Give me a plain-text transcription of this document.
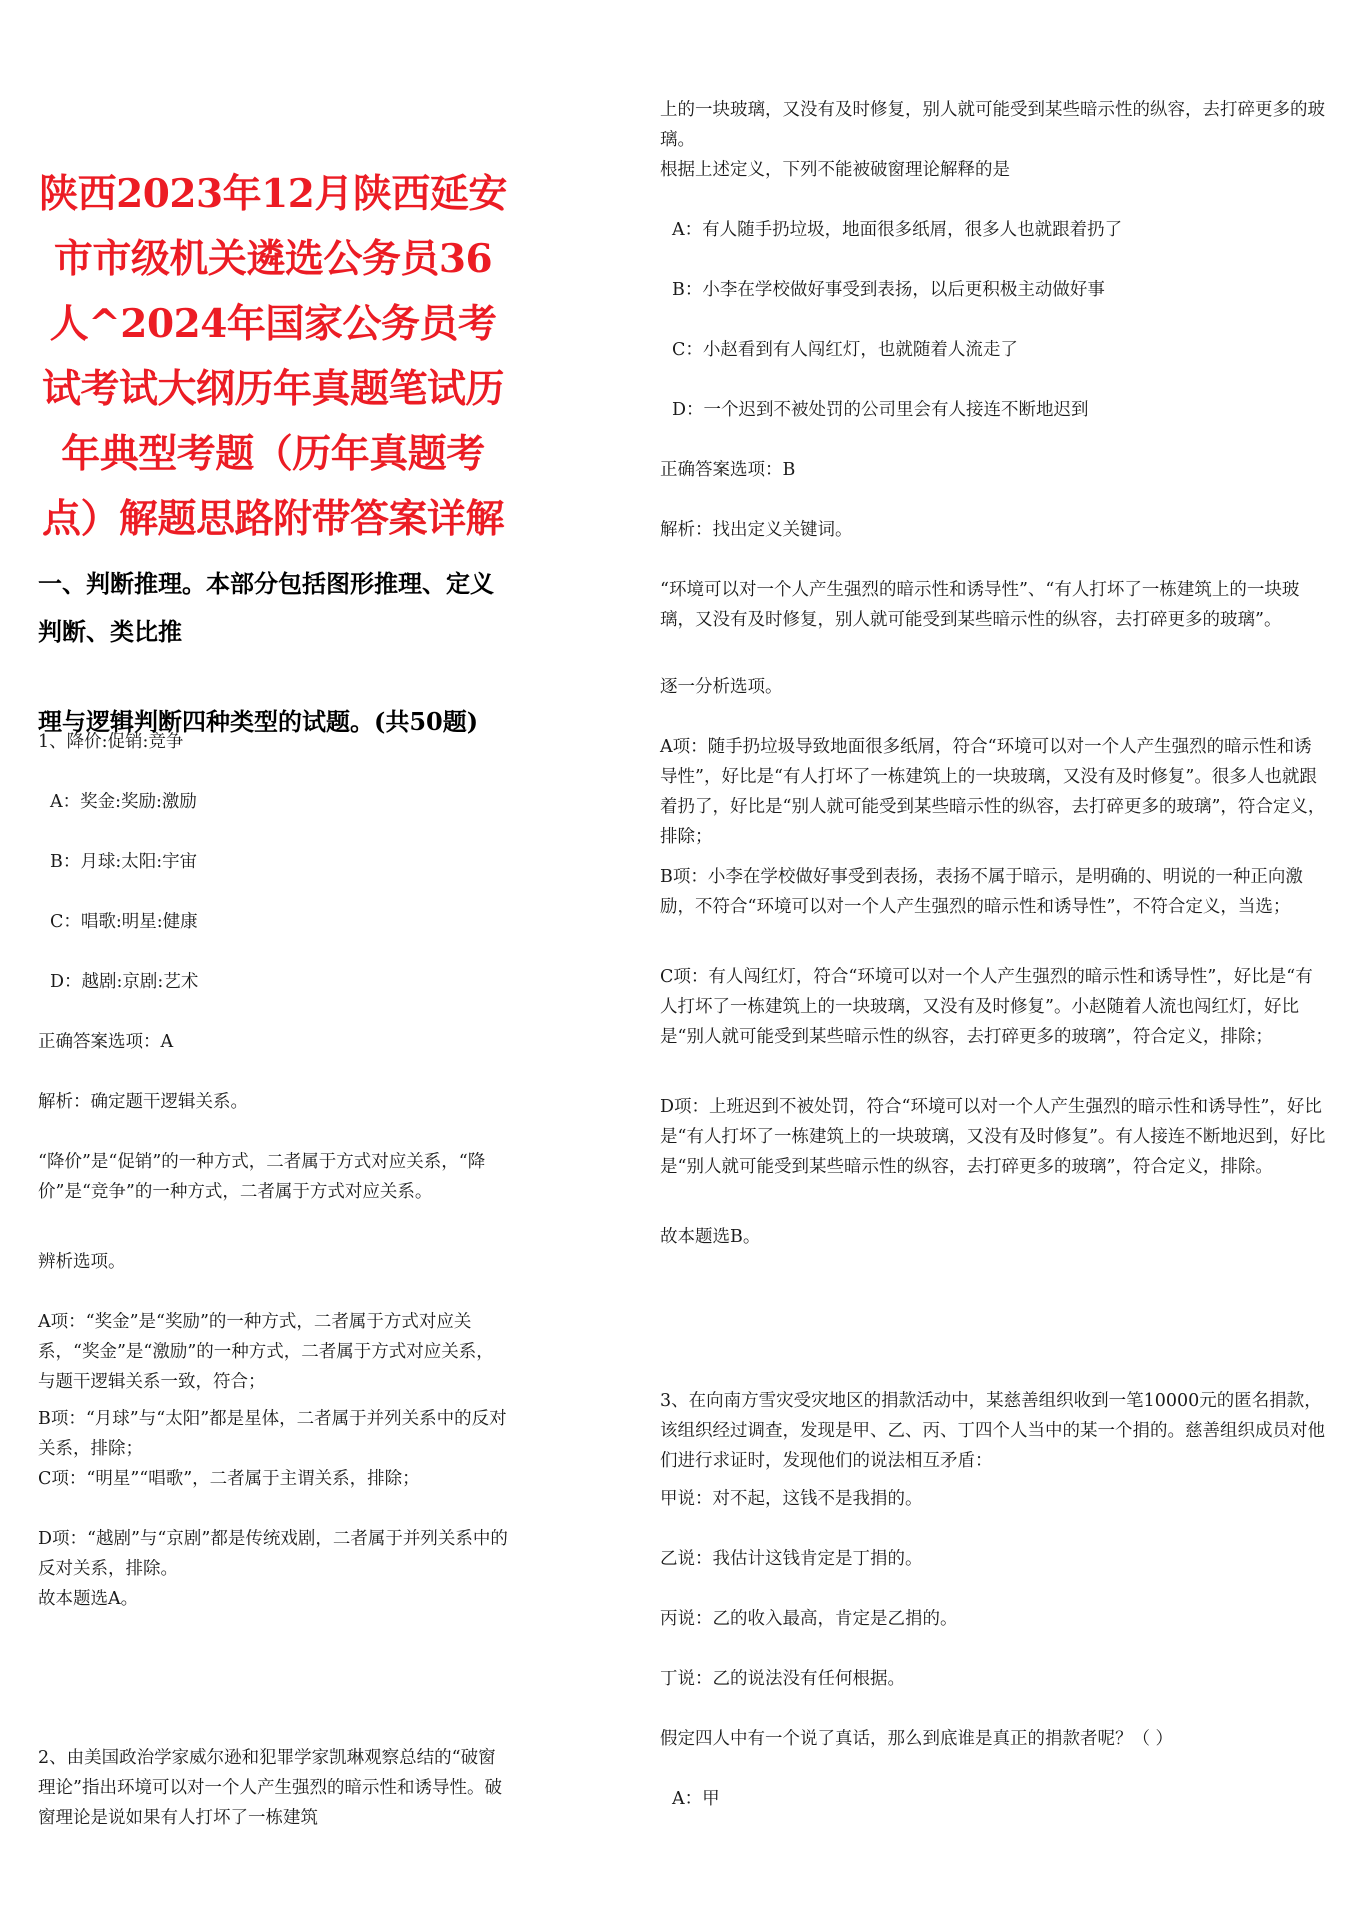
陕西2023年12月陕西延安市市级机关遴选公务员36人^2024年国家公务员考试考试大纲历年真题笔试历年典型考题（历年真题考点）解题思路附带答案详解
一、判断推理。本部分包括图形推理、定义判断、类比推
理与逻辑判断四种类型的试题。(共50题)

1、降价:促销:竞争

A：奖金:奖励:激励

B：月球:太阳:宇宙

C：唱歌:明星:健康

D：越剧:京剧:艺术

正确答案选项：A

解析：确定题干逻辑关系。

“降价”是“促销”的一种方式，二者属于方式对应关系，“降价”是“竞争”的一种方式，二者属于方式对应关系。

辨析选项。

A项：“奖金”是“奖励”的一种方式，二者属于方式对应关系，“奖金”是“激励”的一种方式，二者属于方式对应关系，与题干逻辑关系一致，符合；

B项：“月球”与“太阳”都是星体，二者属于并列关系中的反对关系，排除；

C项：“明星”“唱歌”，二者属于主谓关系，排除；

D项：“越剧”与“京剧”都是传统戏剧，二者属于并列关系中的反对关系，排除。

故本题选A。

2、由美国政治学家威尔逊和犯罪学家凯琳观察总结的“破窗理论”指出环境可以对一个人产生强烈的暗示性和诱导性。破窗理论是说如果有人打坏了一栋建筑

上的一块玻璃，又没有及时修复，别人就可能受到某些暗示性的纵容，去打碎更多的玻璃。

根据上述定义，下列不能被破窗理论解释的是

A：有人随手扔垃圾，地面很多纸屑，很多人也就跟着扔了

B：小李在学校做好事受到表扬，以后更积极主动做好事

C：小赵看到有人闯红灯，也就随着人流走了

D：一个迟到不被处罚的公司里会有人接连不断地迟到

正确答案选项：B

解析：找出定义关键词。

“环境可以对一个人产生强烈的暗示性和诱导性”、“有人打坏了一栋建筑上的一块玻璃，又没有及时修复，别人就可能受到某些暗示性的纵容，去打碎更多的玻璃”。

逐一分析选项。

A项：随手扔垃圾导致地面很多纸屑，符合“环境可以对一个人产生强烈的暗示性和诱导性”，好比是“有人打坏了一栋建筑上的一块玻璃，又没有及时修复”。很多人也就跟着扔了，好比是“别人就可能受到某些暗示性的纵容，去打碎更多的玻璃”，符合定义，排除；

B项：小李在学校做好事受到表扬，表扬不属于暗示，是明确的、明说的一种正向激励，不符合“环境可以对一个人产生强烈的暗示性和诱导性”，不符合定义，当选；

C项：有人闯红灯，符合“环境可以对一个人产生强烈的暗示性和诱导性”，好比是“有人打坏了一栋建筑上的一块玻璃，又没有及时修复”。小赵随着人流也闯红灯，好比是“别人就可能受到某些暗示性的纵容，去打碎更多的玻璃”，符合定义，排除；

D项：上班迟到不被处罚，符合“环境可以对一个人产生强烈的暗示性和诱导性”，好比是“有人打坏了一栋建筑上的一块玻璃，又没有及时修复”。有人接连不断地迟到，好比是“别人就可能受到某些暗示性的纵容，去打碎更多的玻璃”，符合定义，排除。

故本题选B。

3、在向南方雪灾受灾地区的捐款活动中，某慈善组织收到一笔10000元的匿名捐款，该组织经过调查，发现是甲、乙、丙、丁四个人当中的某一个捐的。慈善组织成员对他们进行求证时，发现他们的说法相互矛盾：

甲说：对不起，这钱不是我捐的。

乙说：我估计这钱肯定是丁捐的。

丙说：乙的收入最高，肯定是乙捐的。

丁说：乙的说法没有任何根据。

假定四人中有一个说了真话，那么到底谁是真正的捐款者呢？（ ）

A：甲
